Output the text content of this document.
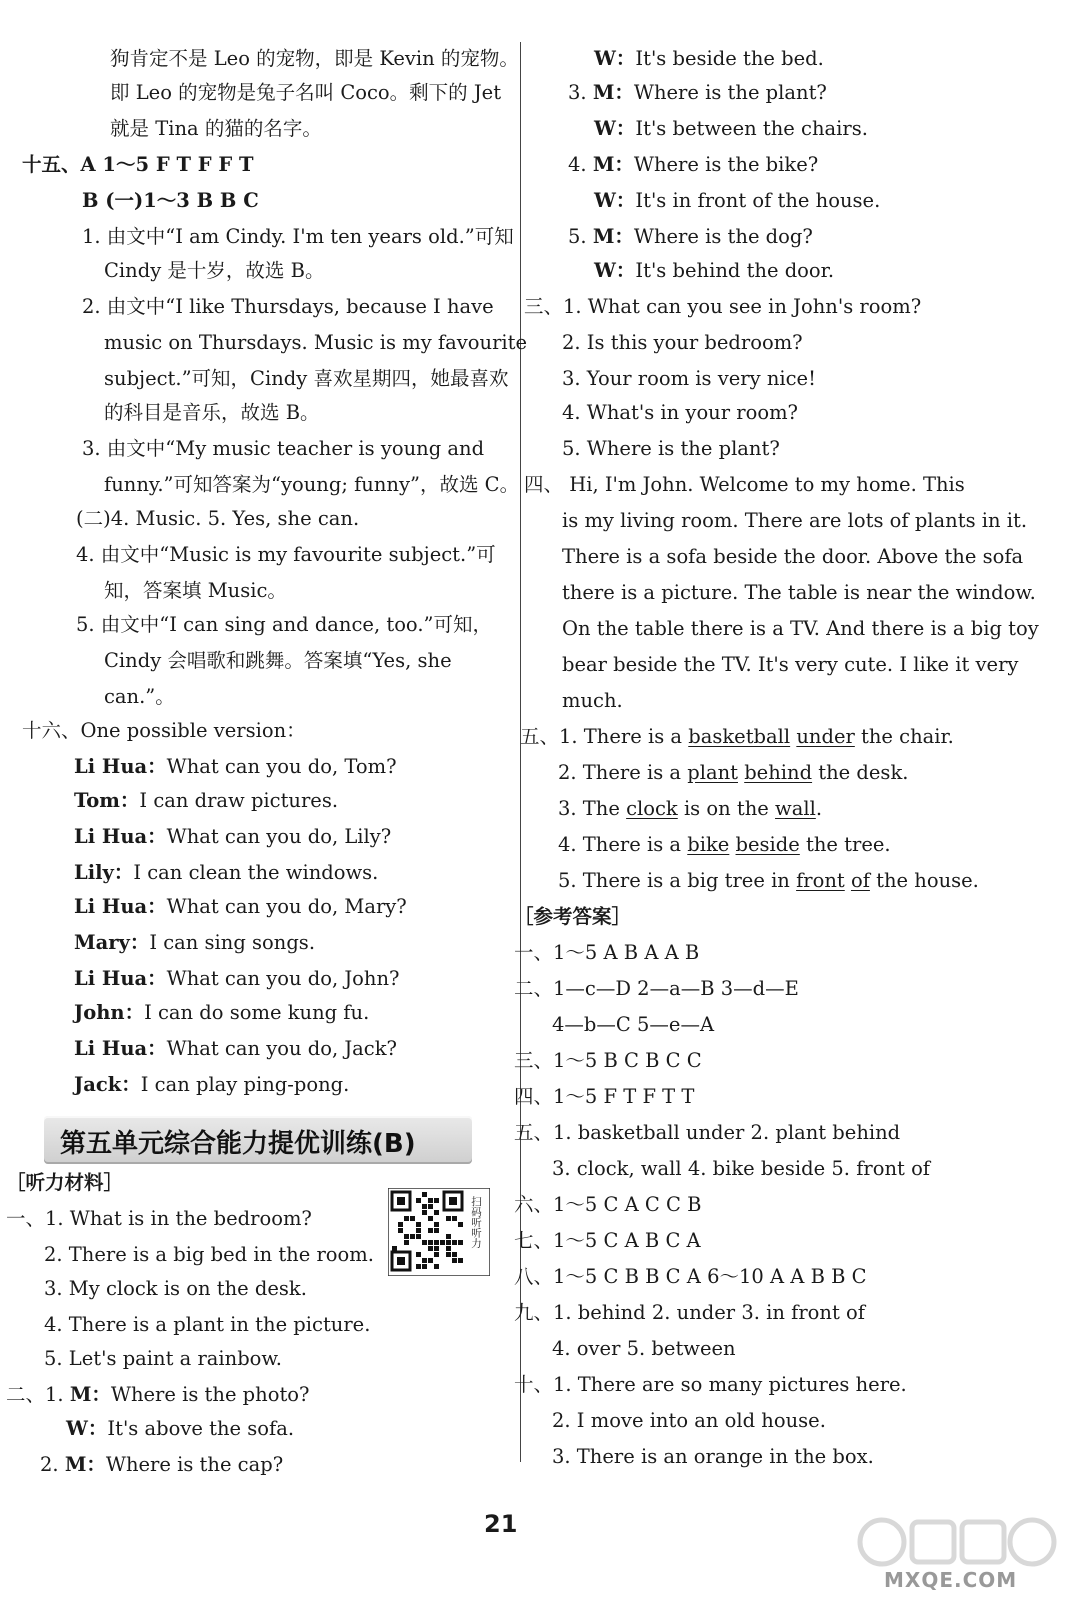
狗肯定不是 Leo 的宠物，即是 Kevin 的宠物。
即 Leo 的宠物是兔子名叫 Coco。剩下的 Jet
就是 Tina 的猫的名字。
十五、A 1～5 F T F F T
B (一)1～3 B B C
1. 由文中“I am Cindy. I'm ten years old.”可知
Cindy 是十岁，故选 B。
2. 由文中“I like Thursdays, because I have
music on Thursdays. Music is my favourite
subject.”可知，Cindy 喜欢星期四，她最喜欢
的科目是音乐，故选 B。
3. 由文中“My music teacher is young and
funny.”可知答案为“young; funny”，故选 C。
(二)4. Music. 5. Yes, she can.
4. 由文中“Music is my favourite subject.”可
知，答案填 Music。
5. 由文中“I can sing and dance, too.”可知，
Cindy 会唱歌和跳舞。答案填“Yes, she
can.”。
十六、One possible version：
Li Hua：What can you do, Tom?
Tom：I can draw pictures.
Li Hua：What can you do, Lily?
Lily：I can clean the windows.
Li Hua：What can you do, Mary?
Mary：I can sing songs.
Li Hua：What can you do, John?
John：I can do some kung fu.
Li Hua：What can you do, Jack?
Jack：I can play ping-pong.
［听力材料］
一、1. What is in the bedroom?
2. There is a big bed in the room.
3. My clock is on the desk.
4. There is a plant in the picture.
5. Let's paint a rainbow.
二、1. M：Where is the photo?
W：It's above the sofa.
2. M：Where is the cap?
W：It's beside the bed.
3. M：Where is the plant?
W：It's between the chairs.
4. M：Where is the bike?
W：It's in front of the house.
5. M：Where is the dog?
W：It's behind the door.
三、1. What can you see in John's room?
2. Is this your bedroom?
3. Your room is very nice!
4. What's in your room?
5. Where is the plant?
四、 Hi, I'm John. Welcome to my home. This
is my living room. There are lots of plants in it.
There is a sofa beside the door. Above the sofa
there is a picture. The table is near the window.
On the table there is a TV. And there is a big toy
bear beside the TV. It's very cute. I like it very
much.
五、1. There is a basketball under the chair.
2. There is a plant behind the desk.
3. The clock is on the wall.
4. There is a bike beside the tree.
5. There is a big tree in front of the house.
［参考答案］
一、1～5 A B A A B
二、1—c—D 2—a—B 3—d—E
4—b—C 5—e—A
三、1～5 B C B C C
四、1～5 F T F T T
五、1. basketball under 2. plant behind
3. clock, wall 4. bike beside 5. front of
六、1～5 C A C C B
七、1～5 C A B C A
八、1～5 C B B C A 6～10 A A B B C
九、1. behind 2. under 3. in front of
4. over 5. between
十、1. There are so many pictures here.
2. I move into an old house.
3. There is an orange in the box.
第五单元综合能力提优训练(B)
扫码听听力
21
MXQE.COM
